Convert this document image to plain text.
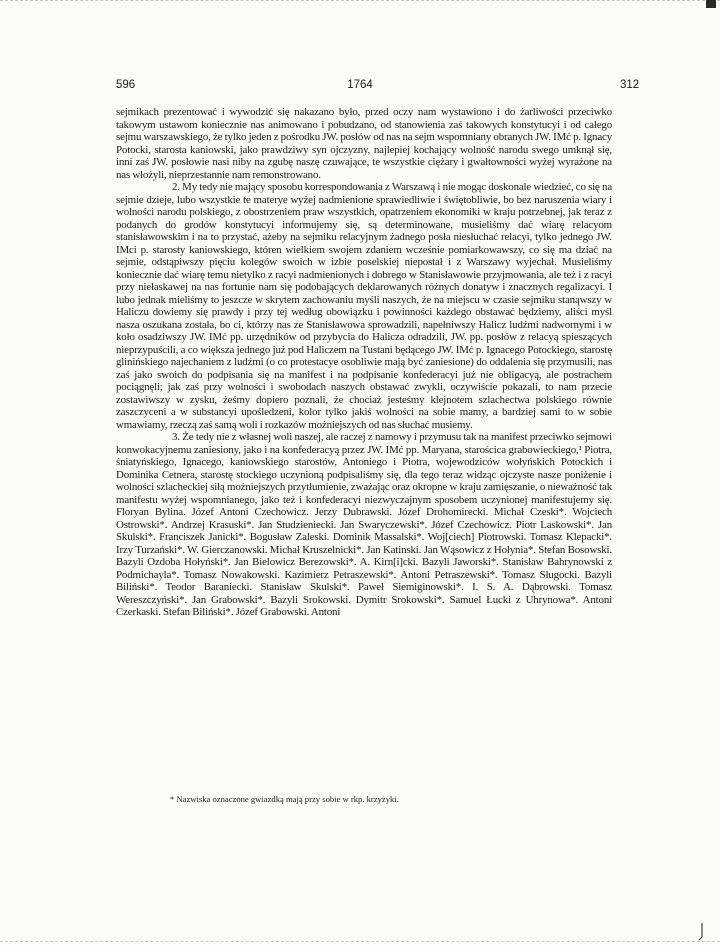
596	1764	312

sejmikach prezentować i wywodzić się nakazano było, przed oczy nam wystawiono i do żarliwości przeciwko takowym ustawom koniecznie nas animowano i pobudzano, od stanowienia zaś takowych konstytucyi i od całego sejmu warszawskiego, że tylko jeden z pośrodku JW. posłów od nas na sejm wspomniany obranych JW. IMć p. Ignacy Potocki, starosta kaniowski, jako prawdziwy syn ojczyzny, najlepiej kochający wolność narodu swego umknął się, inni zaś JW. posłowie nasi niby na zgubę naszę czuwające, te wszystkie ciężary i gwałtowności wyżej wyrażone na nas włożyli, nieprzestannie nam remonstrowano.

2. My tedy nie mający sposobu korrespondowania z Warszawą i nie mogąc doskonale wiedzieć, co się na sejmie dzieje, lubo wszystkie te materye wyżej nadmienione sprawiedliwie i świętobliwie, bo bez naruszenia wiary i wolności narodu polskiego, z obostrzeniem praw wszystkich, opatrzeniem ekonomiki w kraju potrzebnej, jak teraz z podanych do grodów konstytucyi informujemy się, są determinowane, musieliśmy dać wiarę relacyom stanisławowskim i na to przystać, ażeby na sejmiku relacyjnym żadnego posła niesłuchać relacyi, tylko jednego JW. IMci p. starosty kaniowskiego, któren wielkiem swojem zdaniem wcześnie pomiarkowawszy, co się ma dziać na sejmie, odstąpiwszy pięciu kolegów swoich w izbie poselskiej niepostał i z Warszawy wyjechał. Musieliśmy koniecznie dać wiarę temu nietylko z racyi nadmienionych i dobrego w Stanisławowie przyjmowania, ale też i z racyi przy niełaskawej na nas fortunie nam się podobających deklarowanych różnych donatyw i znacznych regalizacyi. I lubo jednak mieliśmy to jeszcze w skrytem zachowaniu myśli naszych, że na miejscu w czasie sejmiku stanąwszy w Haliczu dowiemy się prawdy i przy tej według obowiązku i powinności każdego obstawać będziemy, aliści myśl nasza oszukana została, bo ci, którzy nas ze Stanisławowa sprowadzili, napełniwszy Halicz ludźmi nadwornymi i w koło osadziwszy JW. IMć pp. urzędników od przybycia do Halicza odradzili, JW. pp. posłów z relacyą spieszących nieprzypuścili, a co większa jednego już pod Haliczem na Tustani będącego JW. IMć p. Ignacego Potockiego, starostę glinińskiego najechaniem z ludźmi (o co protestacye osobliwie mają być zaniesione) do oddalenia się przymusili, nas zaś jako swoich do podpisania się na manifest i na podpisanie konfederacyi już nie obligacyą, ale postrachem pociągnęli; jak zaś przy wolności i swobodach naszych obstawać zwykli, oczywiście pokazali, to nam przecie zostawiwszy w zysku, żeśmy dopiero poznali, że chociaż jesteśmy klejnotem szlachectwa polskiego równie zaszczyceni a w substancyi upośledzeni, kolor tylko jakiś wolności na sobie mamy, a bardziej sami to w sobie wmawiamy, rzeczą zaś samą woli i rozkazów możniejszych od nas słuchać musiemy.

3. Że tedy nie z własnej woli naszej, ale raczej z namowy i przymusu tak na manifest przeciwko sejmowi konwokacyjnemu zaniesiony, jako i na konfederacyą przez JW. IMć pp. Maryana, starościca grabowieckiego,¹ Piotra, śniatyńskiego, Ignacego, kaniowskiego starostów, Antoniego i Piotra, wojewodziców wołyńskich Potockich i Dominika Cetnera, starostę stockiego uczynioną podpisaliśmy się, dla tego teraz widząc ojczyste nasze poniżenie i wolności szlacheckiej siłą możniejszych przytłumienie, zważając oraz okropne w kraju zamięszanie, o nieważność tak manifestu wyżej wspomnianego, jako też i konfederacyi niezwyczajnym sposobem uczynionej manifestujemy się. Floryan Bylina. Józef Antoni Czechowicz. Jerzy Dubrawski. Józef Drohomirecki. Michał Czeski*. Wojciech Ostrowski*. Andrzej Krasuski*. Jan Studzieniecki. Jan Swaryczewski*. Józef Czechowicz. Piotr Laskowski*. Jan Skulski*. Franciszek Janicki*. Bogusław Zaleski. Dominik Massalski*. Woj[ciech] Piotrowski. Tomasz Klepacki*. Irzy Turzański*. W. Gierczanowski. Michał Kruszelnicki*. Jan Katinski. Jan Wąsowicz z Hołynia*. Stefan Bosowski. Bazyli Ozdoba Hołyński*. Jan Bielowicz Berezowski*. A. Kirn[i]cki. Bazyli Jaworski*. Stanisław Bahrynowski z Podmichayla*. Tomasz Nowakowski. Kazimierz Petraszewski*. Antoni Petraszewski*. Tomasz Sługocki. Bazyli Biliński*. Teodor Baraniecki. Stanisław Skulski*. Paweł Siemiginowski*. I. S. A. Dąbrowski. Tomasz Wereszczyński*. Jan Grabowski*. Bazyli Srokowski. Dymitr Srokowski*. Samuel Łucki z Uhrynowa*. Antoni Czerkaski. Stefan Biliński*. Józef Grabowski. Antoni

* Nazwiska oznaczone gwiazdką mają przy sobie w rkp. krzyżyki.
